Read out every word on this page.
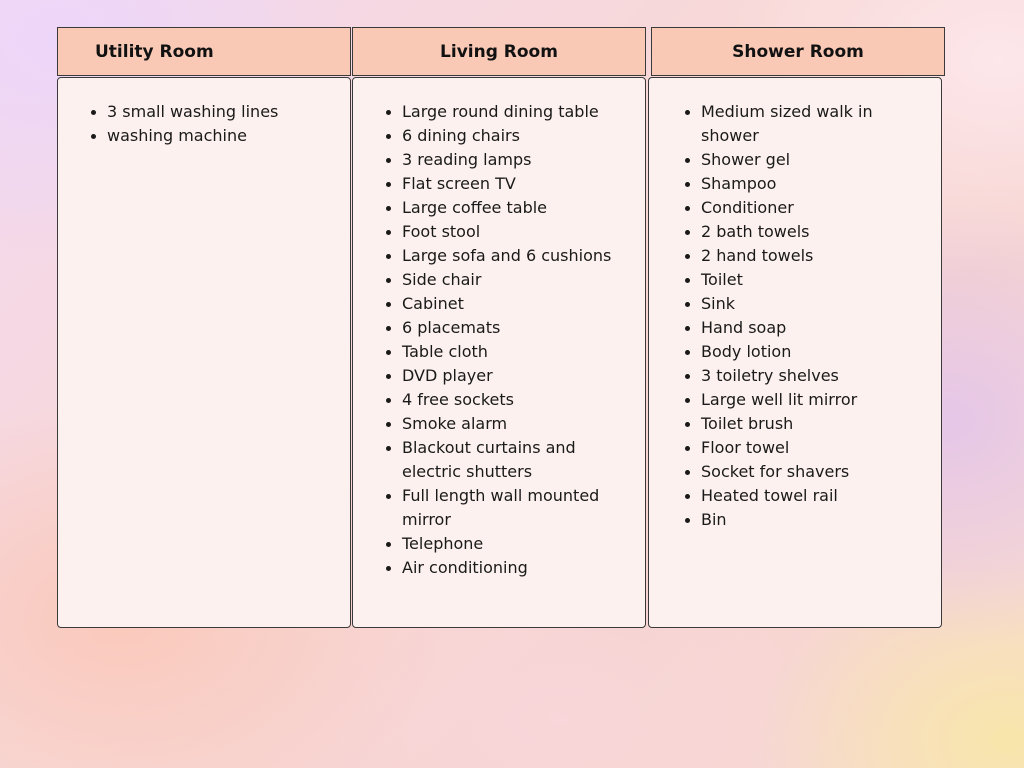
Utility Room	Living Room	Shower Room
3 small washing lines
washing machine
Large round dining table
6 dining chairs
3 reading lamps
Flat screen TV
Large coffee table
Foot stool
Large sofa and 6 cushions
Side chair
Cabinet
6 placemats
Table cloth
DVD player
4 free sockets
Smoke alarm
Blackout curtains and electric shutters
Full length wall mounted mirror
Telephone
Air conditioning
Medium sized walk in shower
Shower gel
Shampoo
Conditioner
2 bath towels
2 hand towels
Toilet
Sink
Hand soap
Body lotion
3 toiletry shelves
Large well lit mirror
Toilet brush
Floor towel
Socket for shavers
Heated towel rail
Bin
